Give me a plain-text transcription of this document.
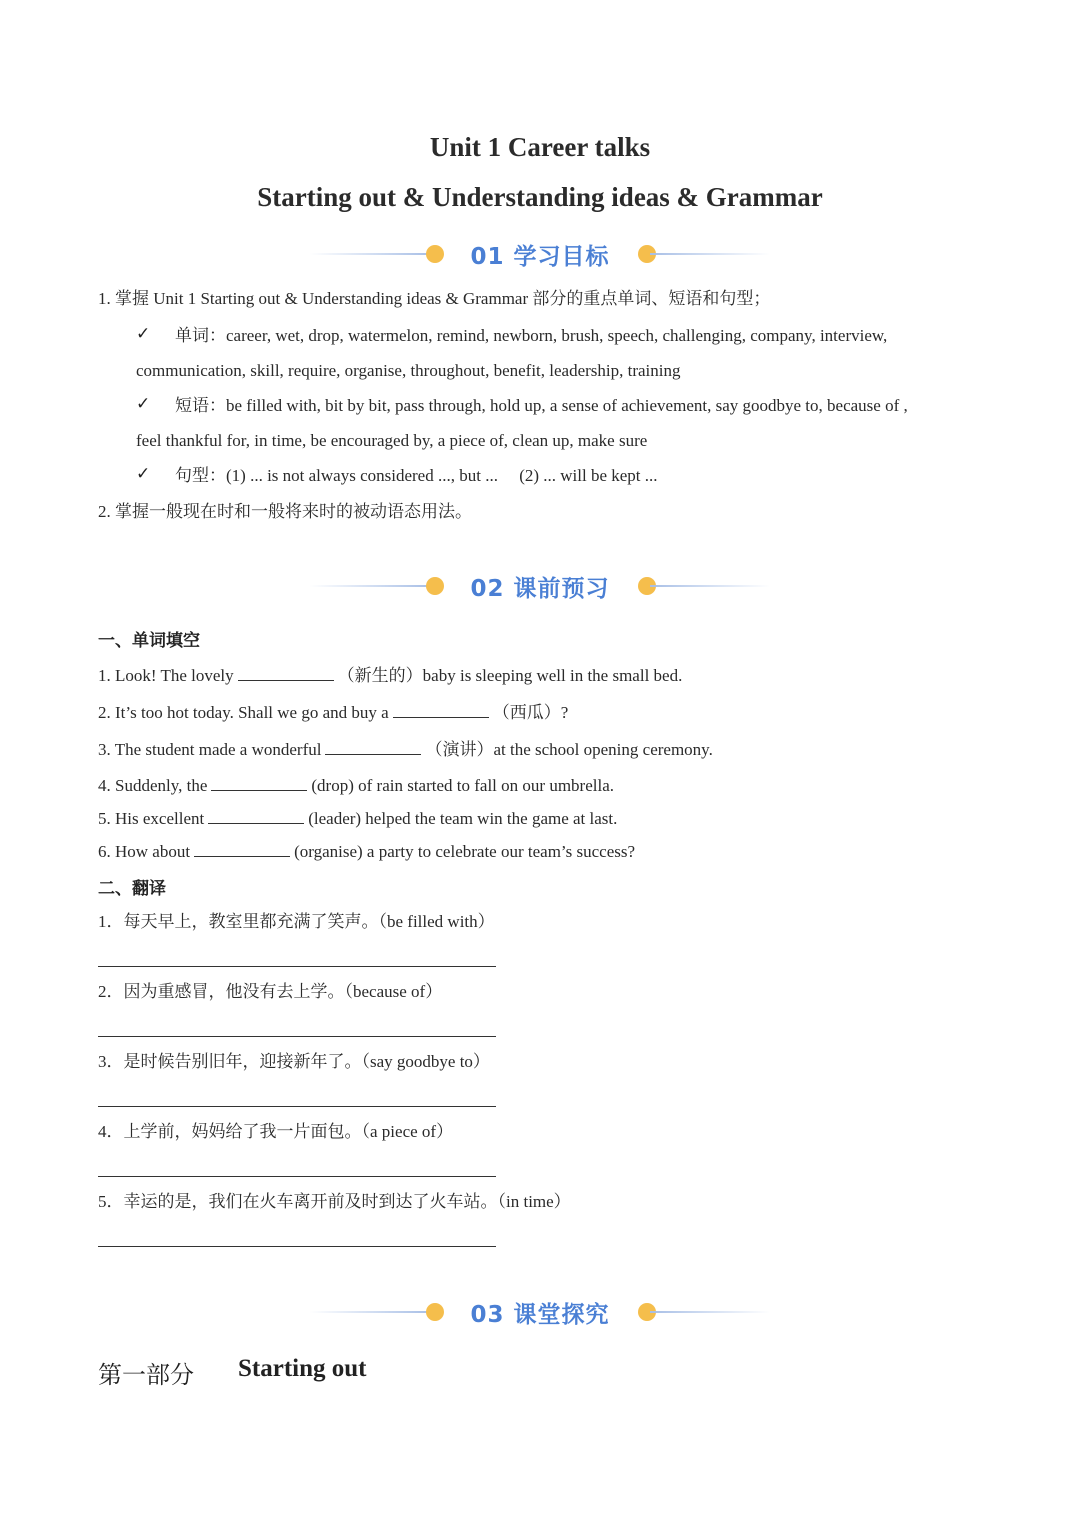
Unit 1 Career talks
Starting out & Understanding ideas & Grammar
01 学习目标
1. 掌握 Unit 1 Starting out & Understanding ideas & Grammar 部分的重点单词、短语和句型；
✓ 单词：career, wet, drop, watermelon, remind, newborn, brush, speech, challenging, company, interview,
communication, skill, require, organise, throughout, benefit, leadership, training
✓ 短语：be filled with, bit by bit, pass through, hold up, a sense of achievement, say goodbye to, because of ,
feel thankful for, in time, be encouraged by, a piece of, clean up, make sure
✓ 句型：(1) ... is not always considered ..., but ...     (2) ... will be kept ...
2. 掌握一般现在时和一般将来时的被动语态用法。
02 课前预习
一、单词填空
1. Look! The lovely	（新生的）baby is sleeping well in the small bed.
2. It’s too hot today. Shall we go and buy a	（西瓜）?
3. The student made a wonderful	（演讲）at the school opening ceremony.
4. Suddenly, the	(drop) of rain started to fall on our umbrella.
5. His excellent	(leader) helped the team win the game at last.
6. How about	(organise) a party to celebrate our team’s success?
二、翻译
1．每天早上，教室里都充满了笑声。（be filled with）
2．因为重感冒，他没有去上学。（because of）
3．是时候告别旧年，迎接新年了。（say goodbye to）
4．上学前，妈妈给了我一片面包。（a piece of）
5．幸运的是，我们在火车离开前及时到达了火车站。（in time）
03 课堂探究
第一部分 Starting out
